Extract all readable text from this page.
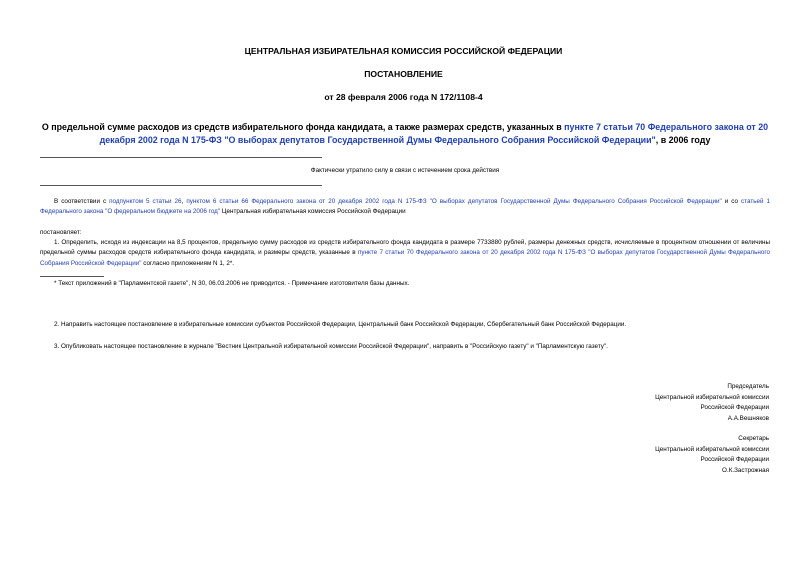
ЦЕНТРАЛЬНАЯ ИЗБИРАТЕЛЬНАЯ КОМИССИЯ РОССИЙСКОЙ ФЕДЕРАЦИИ
ПОСТАНОВЛЕНИЕ
от 28 февраля 2006 года N 172/1108-4
О предельной сумме расходов из средств избирательного фонда кандидата, а также размерах средств, указанных в пункте 7 статьи 70 Федерального закона от 20 декабря 2002 года N 175-ФЗ "О выборах депутатов Государственной Думы Федерального Собрания Российской Федерации", в 2006 году
Фактически утратило силу в связи с истечением срока действия
В соответствии с подпунктом 5 статьи 26, пунктом 6 статьи 66 Федерального закона от 20 декабря 2002 года N 175-ФЗ "О выборах депутатов Государственной Думы Федерального Собрания Российской Федерации" и со статьей 1 Федерального закона "О федеральном бюджете на 2006 год" Центральная избирательная комиссия Российской Федерации
постановляет:
1. Определить, исходя из индексации на 8,5 процентов, предельную сумму расходов из средств избирательного фонда кандидата в размере 7733880 рублей, размеры денежных средств, исчисляемые в процентном отношении от величины предельной суммы расходов средств избирательного фонда кандидата, и размеры средств, указанные в пункте 7 статьи 70 Федерального закона от 20 декабря 2002 года N 175-ФЗ "О выборах депутатов Государственной Думы Федерального Собрания Российской Федерации" согласно приложениям N 1, 2*.
* Текст приложений в "Парламентской газете", N 30, 06.03.2006 не приводится. - Примечание изготовителя базы данных.
2. Направить настоящее постановление в избирательные комиссии субъектов Российской Федерации, Центральный банк Российской Федерации, Сбербегательный банк Российской Федерации.
3. Опубликовать настоящее постановление в журнале "Вестник Центральной избирательной комиссии Российской Федерации", направить в "Российскую газету" и "Парламентскую газету".
Председатель
Центральной избирательной комиссии
Российской Федерации
А.А.Вешняков
Секретарь
Центральной избирательной комиссии
Российской Федерации
О.К.Застрожная
